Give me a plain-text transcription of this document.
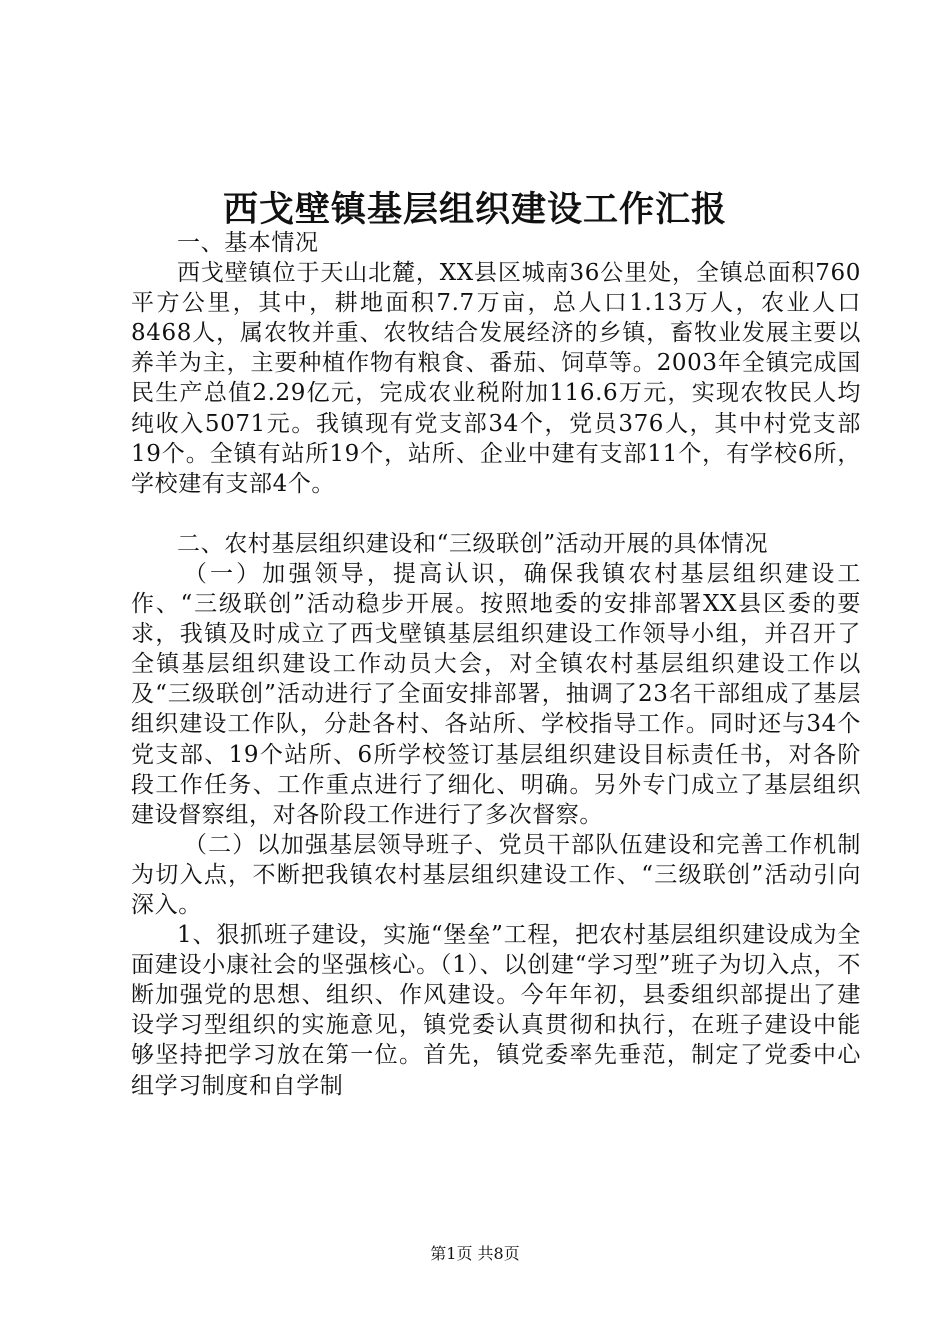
西戈壁镇基层组织建设工作汇报

一、基本情况

西戈壁镇位于天山北麓，XX县区城南36公里处，全镇总面积760平方公里，其中，耕地面积7.7万亩，总人口1.13万人，农业人口8468人，属农牧并重、农牧结合发展经济的乡镇，畜牧业发展主要以养羊为主，主要种植作物有粮食、番茄、饲草等。2003年全镇完成国民生产总值2.29亿元，完成农业税附加116.6万元，实现农牧民人均纯收入5071元。我镇现有党支部34个，党员376人，其中村党支部19个。全镇有站所19个，站所、企业中建有支部11个，有学校6所，学校建有支部4个。

二、农村基层组织建设和“三级联创”活动开展的具体情况

（一）加强领导，提高认识，确保我镇农村基层组织建设工作、“三级联创”活动稳步开展。按照地委的安排部署XX县区委的要求，我镇及时成立了西戈壁镇基层组织建设工作领导小组，并召开了全镇基层组织建设工作动员大会，对全镇农村基层组织建设工作以及“三级联创”活动进行了全面安排部署，抽调了23名干部组成了基层组织建设工作队，分赴各村、各站所、学校指导工作。同时还与34个党支部、19个站所、6所学校签订基层组织建设目标责任书，对各阶段工作任务、工作重点进行了细化、明确。另外专门成立了基层组织建设督察组，对各阶段工作进行了多次督察。

（二）以加强基层领导班子、党员干部队伍建设和完善工作机制为切入点，不断把我镇农村基层组织建设工作、“三级联创”活动引向深入。

1、狠抓班子建设，实施“堡垒”工程，把农村基层组织建设成为全面建设小康社会的坚强核心。（1）、以创建“学习型”班子为切入点，不断加强党的思想、组织、作风建设。今年年初，县委组织部提出了建设学习型组织的实施意见，镇党委认真贯彻和执行，在班子建设中能够坚持把学习放在第一位。首先，镇党委率先垂范，制定了党委中心组学习制度和自学制

第1页 共8页
